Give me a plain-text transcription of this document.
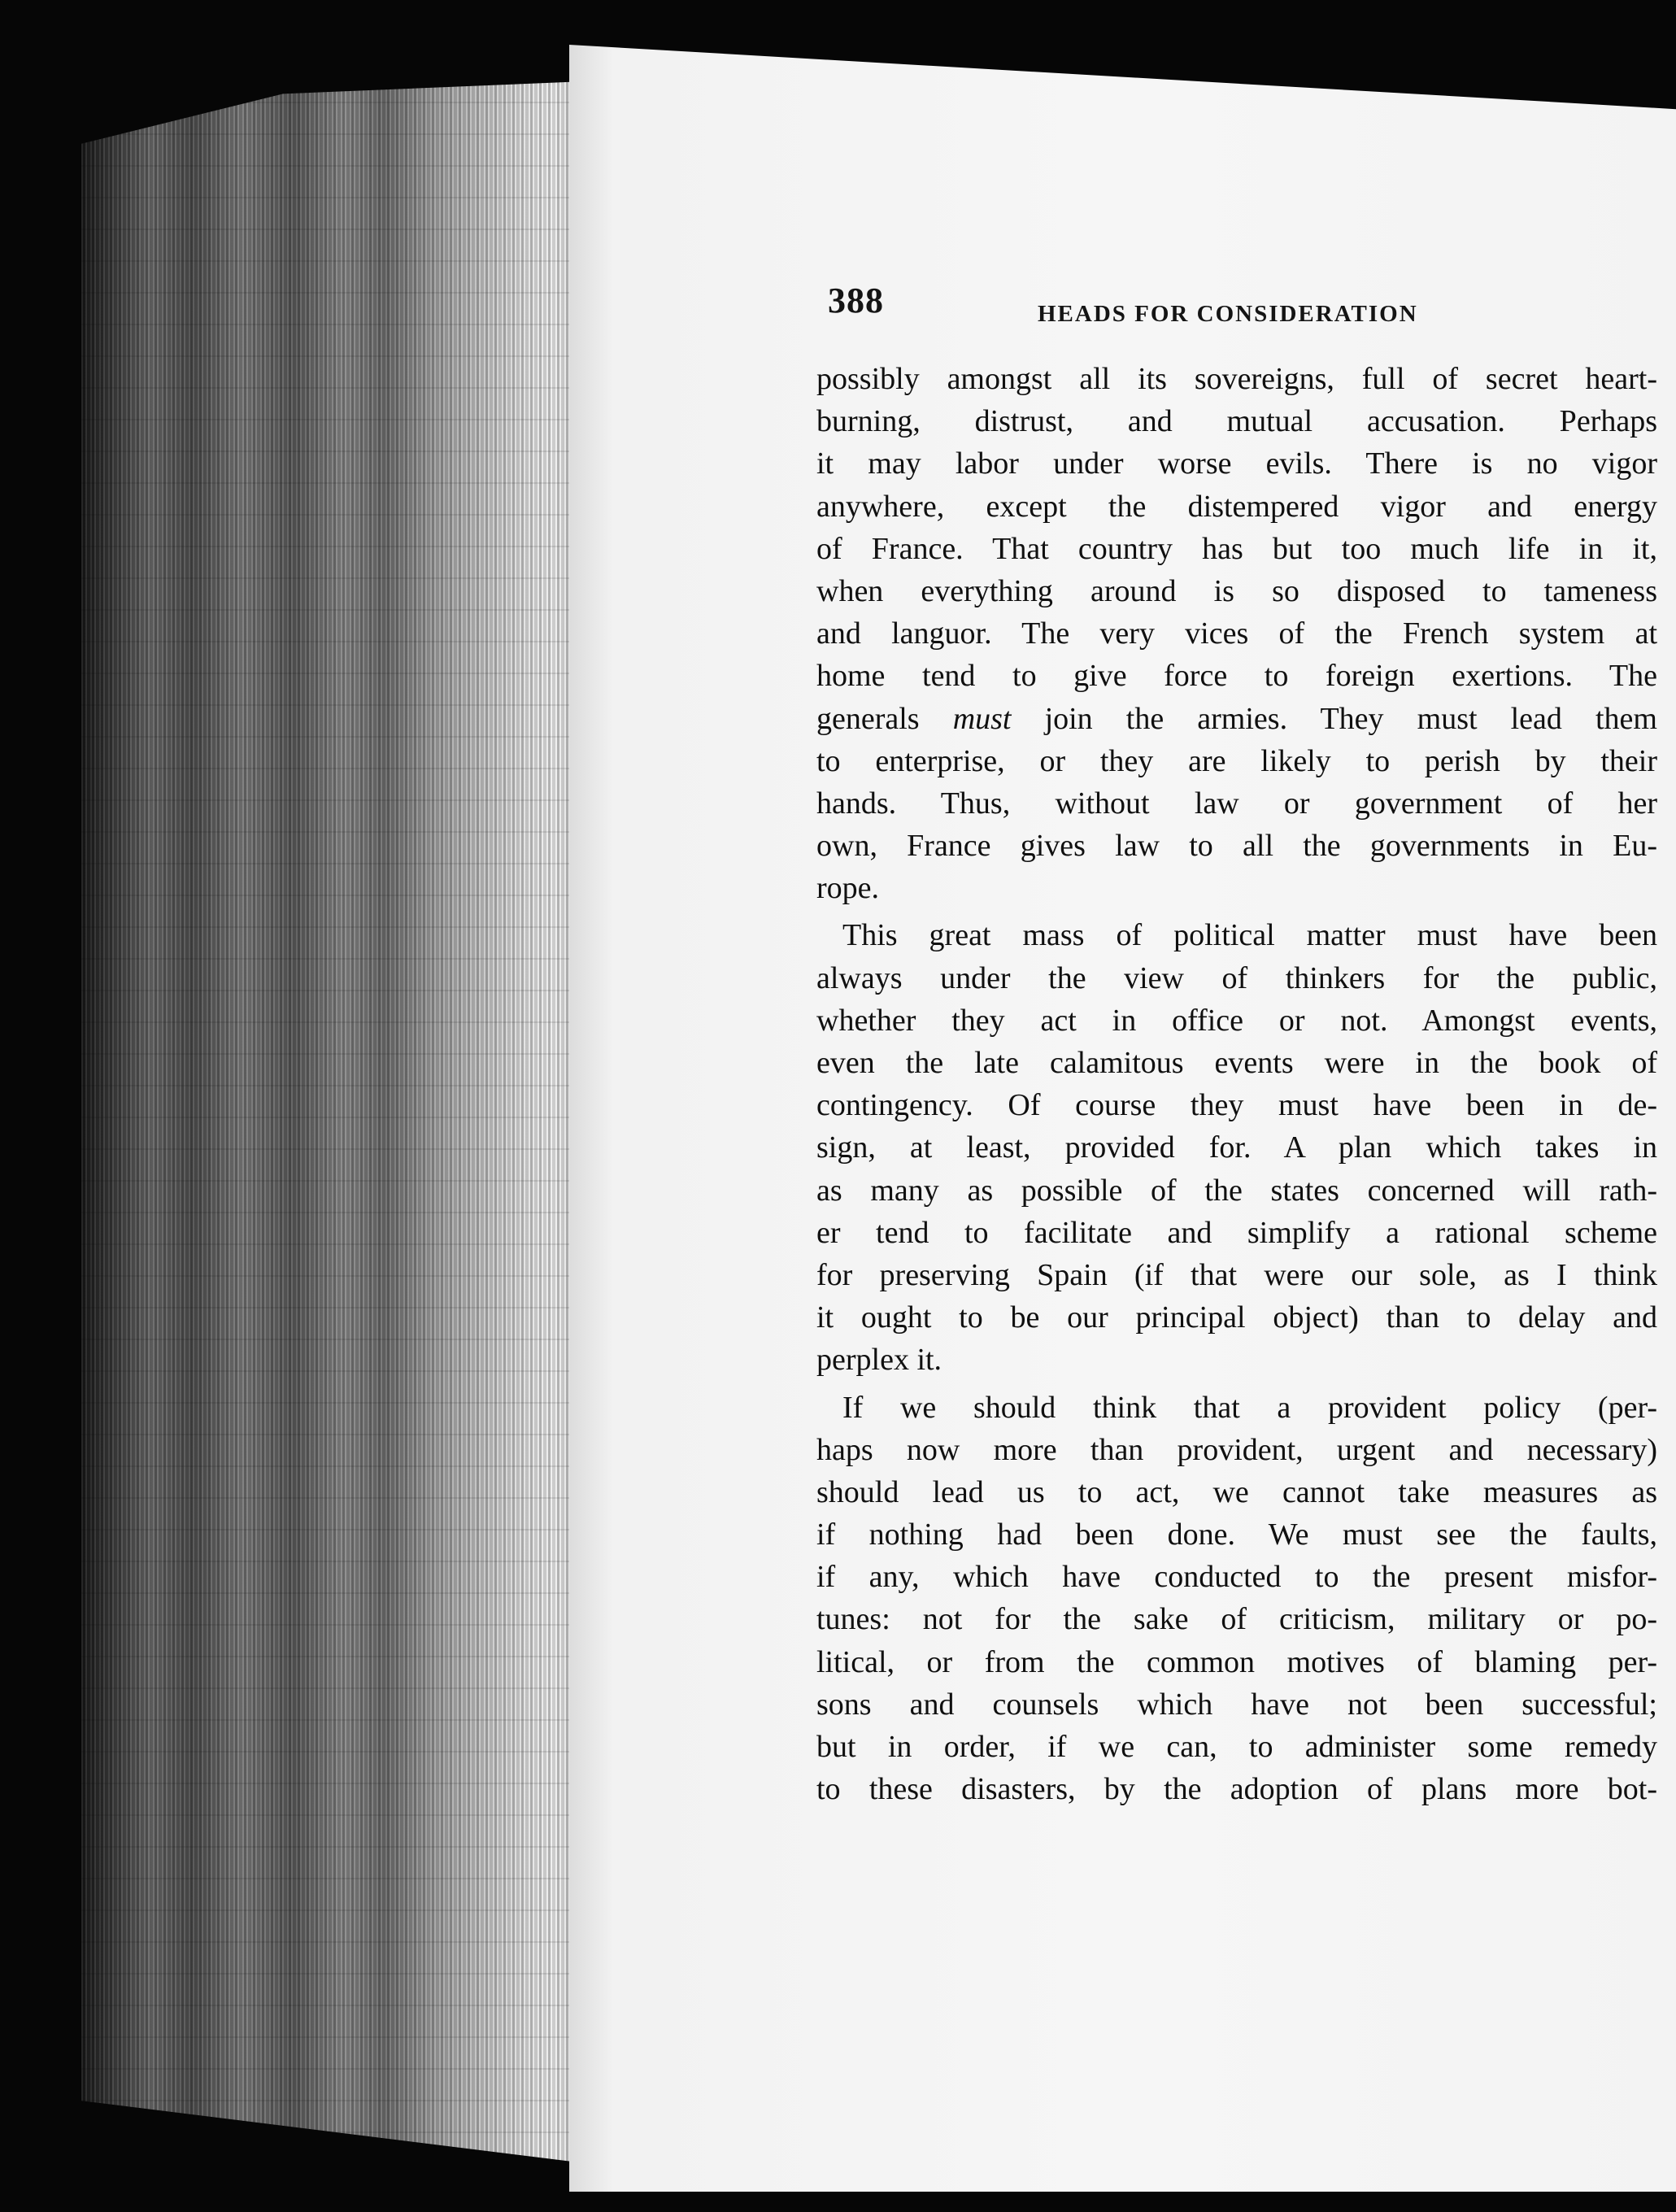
388	HEADS FOR CONSIDERATION
possibly amongst all its sovereigns, full of secret heart-
burning, distrust, and mutual accusation. Perhaps
it may labor under worse evils. There is no vigor
anywhere, except the distempered vigor and energy
of France. That country has but too much life in it,
when everything around is so disposed to tameness
and languor. The very vices of the French system at
home tend to give force to foreign exertions. The
generals must join the armies. They must lead them
to enterprise, or they are likely to perish by their
hands. Thus, without law or government of her
own, France gives law to all the governments in Eu-
rope.
This great mass of political matter must have been
always under the view of thinkers for the public,
whether they act in office or not. Amongst events,
even the late calamitous events were in the book of
contingency. Of course they must have been in de-
sign, at least, provided for. A plan which takes in
as many as possible of the states concerned will rath-
er tend to facilitate and simplify a rational scheme
for preserving Spain (if that were our sole, as I think
it ought to be our principal object) than to delay and
perplex it.
If we should think that a provident policy (per-
haps now more than provident, urgent and necessary)
should lead us to act, we cannot take measures as
if nothing had been done. We must see the faults,
if any, which have conducted to the present misfor-
tunes: not for the sake of criticism, military or po-
litical, or from the common motives of blaming per-
sons and counsels which have not been successful;
but in order, if we can, to administer some remedy
to these disasters, by the adoption of plans more bot-
